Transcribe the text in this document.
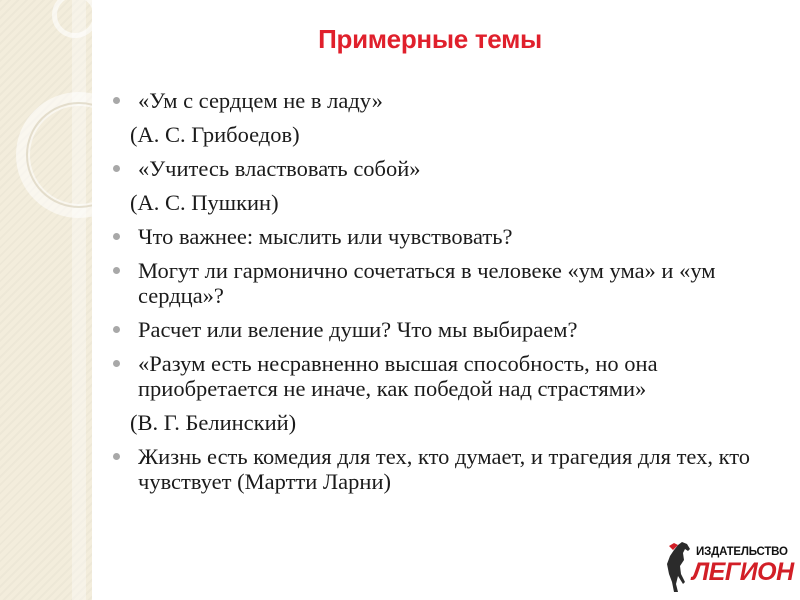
Примерные темы
«Ум с сердцем не в ладу»
(А. С. Грибоедов)
«Учитесь властвовать собой»
(А. С. Пушкин)
Что важнее: мыслить или чувствовать?
Могут ли гармонично сочетаться в человеке «ум ума» и «ум сердца»?
Расчет или веление души? Что мы выбираем?
«Разум есть несравненно высшая способность, но она приобретается не иначе, как победой над страстями»
(В. Г. Белинский)
Жизнь есть комедия для тех, кто думает, и трагедия для тех, кто чувствует (Мартти Ларни)
ИЗДАТЕЛЬСТВО
ЛЕГИОН
